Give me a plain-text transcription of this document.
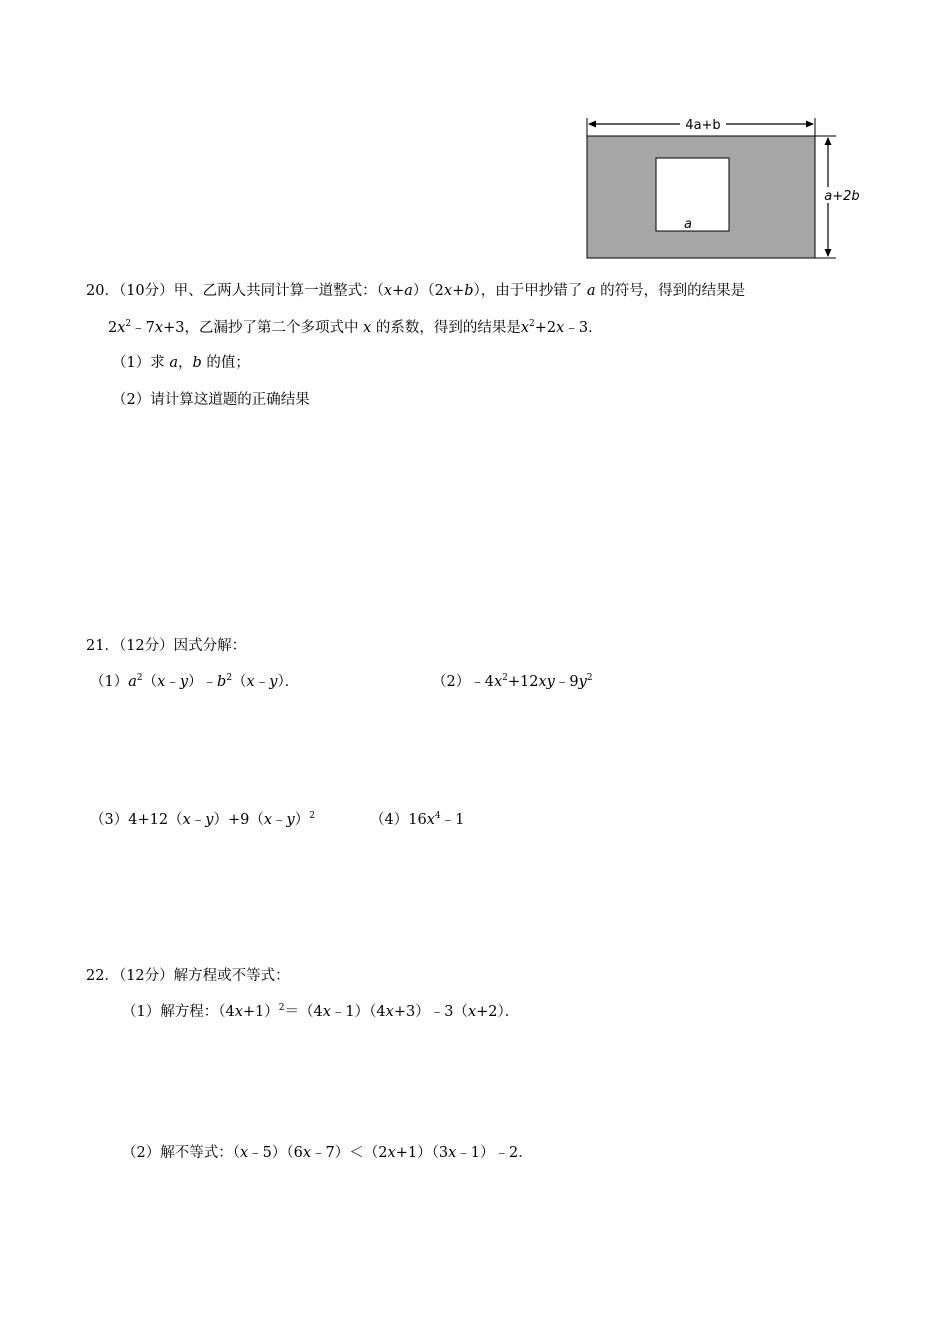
4a+b
a+2b
a
20．（10分）甲、乙两人共同计算一道整式：（x+a）（2x+b），由于甲抄错了 a 的符号，得到的结果是
$2x^2﹣7x+3$，乙漏抄了第二个多项式中 x 的系数，得到的结果是$x^2+2x﹣3$．
（1）求 a，b 的值；
（2）请计算这道题的正确结果
21．（12分）因式分解：
$(1)a^2(x﹣y)﹣b^2(x﹣y)$．	$(2)﹣4x^2+12xy﹣9y^2$
（3）4+12（x﹣y）+9（x﹣y）$^2$	$(4)16x^4﹣1$
22．（12分）解方程或不等式：
（1）解方程：$(4x+1)^2=(4x﹣1)(4x+3)﹣3(x+2)$．
（2）解不等式：（x﹣5）（6x﹣7）＜（2x+1）（3x﹣1）﹣2．
